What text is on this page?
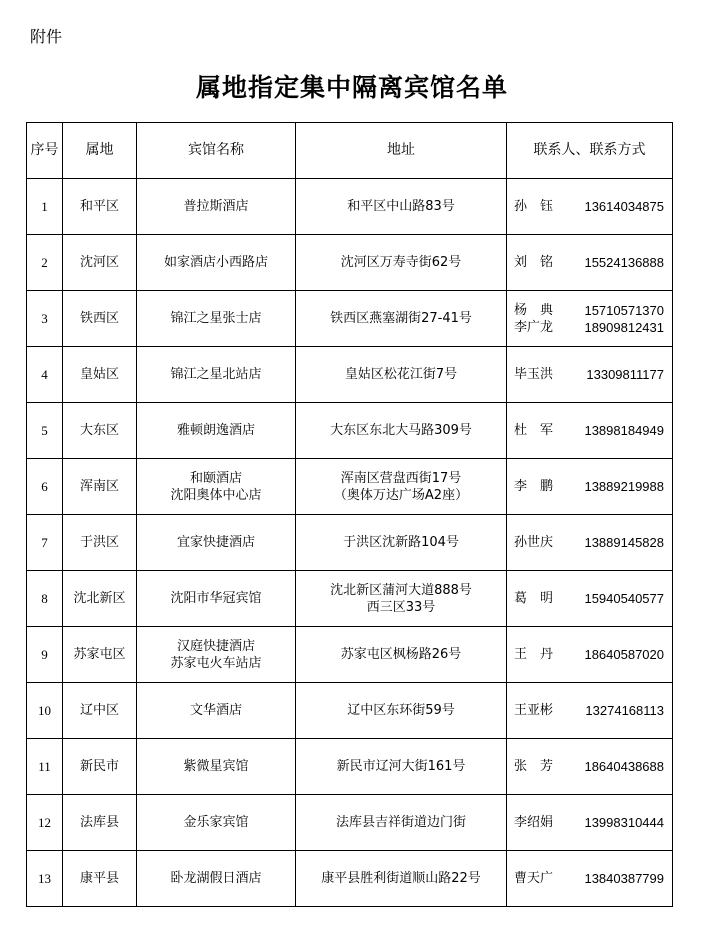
附件
属地指定集中隔离宾馆名单
序号	属地	宾馆名称	地址	联系人、联系方式
1	和平区	普拉斯酒店	和平区中山路83号	孙　钰 13614034875

2	沈河区	如家酒店小西路店	沈河区万寿寺街62号	刘　铭 15524136888

3	铁西区	锦江之星张士店	铁西区燕塞湖街27-41号	杨　典 15710571370
李广龙 18909812431

4	皇姑区	锦江之星北站店	皇姑区松花江街7号	毕玉洪 13309811177

5	大东区	雅顿朗逸酒店	大东区东北大马路309号	杜　军 13898184949

6	浑南区	和颐酒店
沈阳奥体中心店	浑南区营盘西街17号
（奥体万达广场A2座）	李　鹏 13889219988

7	于洪区	宜家快捷酒店	于洪区沈新路104号	孙世庆 13889145828

8	沈北新区	沈阳市华冠宾馆	沈北新区蒲河大道888号
西三区33号	葛　明 15940540577

9	苏家屯区	汉庭快捷酒店
苏家屯火车站店	苏家屯区枫杨路26号	王　丹 18640587020

10	辽中区	文华酒店	辽中区东环街59号	王亚彬 13274168113

11	新民市	紫微星宾馆	新民市辽河大街161号	张　芳 18640438688

12	法库县	金乐家宾馆	法库县吉祥街道边门街	李绍娟 13998310444

13	康平县	卧龙湖假日酒店	康平县胜利街道顺山路22号	曹天广 13840387799
